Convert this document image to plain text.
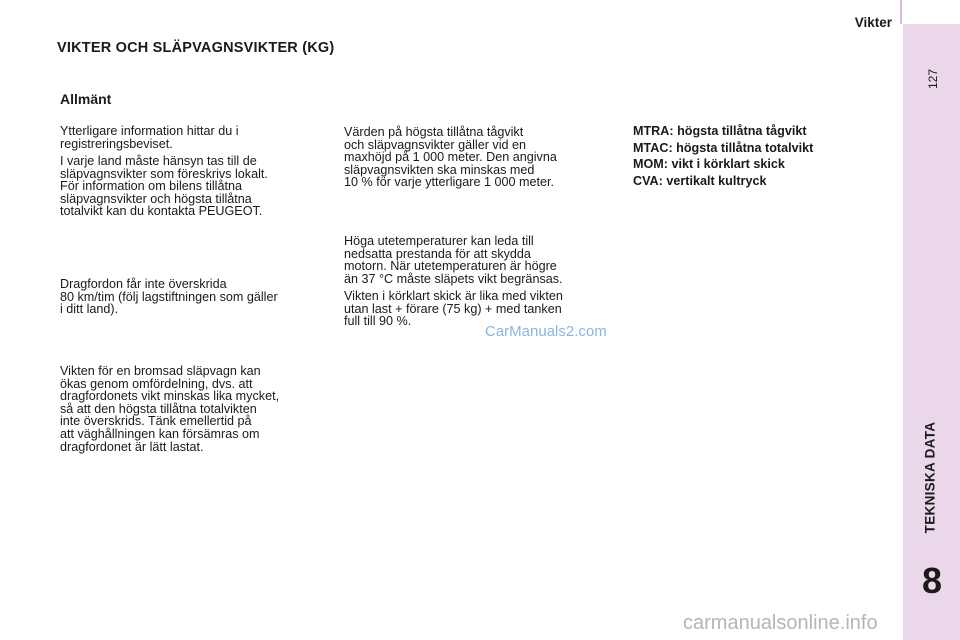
Vikter
127
TEKNISKA DATA
8
VIKTER OCH SLÄPVAGNSVIKTER (KG)
Allmänt

Ytterligare information hittar du i
registreringsbeviset.

I varje land måste hänsyn tas till de
släpvagnsvikter som föreskrivs lokalt.
För information om bilens tillåtna
släpvagnsvikter och högsta tillåtna
totalvikt kan du kontakta PEUGEOT.

Dragfordon får inte överskrida
80 km/tim (följ lagstiftningen som gäller
i ditt land).

Vikten för en bromsad släpvagn kan
ökas genom omfördelning, dvs. att
dragfordonets vikt minskas lika mycket,
så att den högsta tillåtna totalvikten
inte överskrids. Tänk emellertid på
att väghållningen kan försämras om
dragfordonet är lätt lastat.

Värden på högsta tillåtna tågvikt
och släpvagnsvikter gäller vid en
maxhöjd på 1 000 meter. Den angivna
släpvagnsvikten ska minskas med
10 % för varje ytterligare 1 000 meter.

Höga utetemperaturer kan leda till
nedsatta prestanda för att skydda
motorn. När utetemperaturen är högre
än 37 °C måste släpets vikt begränsas.

Vikten i körklart skick är lika med vikten
utan last + förare (75 kg) + med tanken
full till 90 %.

MTRA: högsta tillåtna tågvikt

MTAC: högsta tillåtna totalvikt

MOM: vikt i körklart skick

CVA: vertikalt kultryck

CarManuals2.com
carmanualsonline.info
